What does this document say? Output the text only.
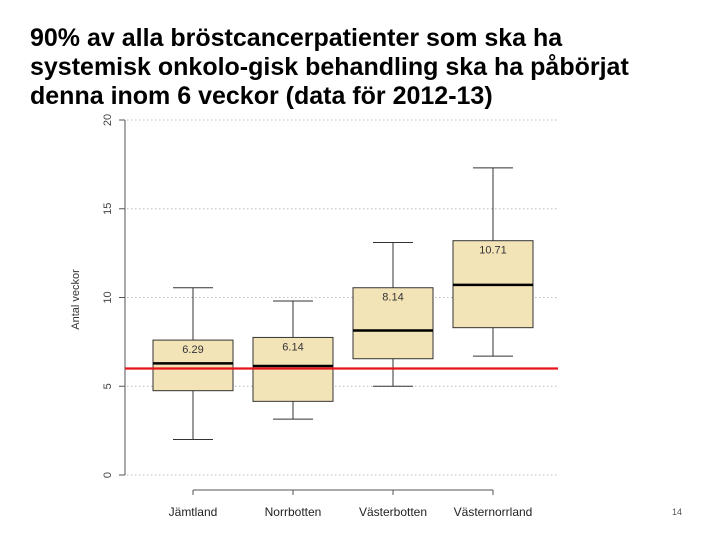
90% av alla bröstcancerpatienter som ska ha
systemisk onkolo-gisk behandling ska ha påbörjat
denna inom 6 veckor (data för 2012-13)
0
5
10
15
20
Antal veckor
6.29
Jämtland
6.14
Norrbotten
8.14
Västerbotten
10.71
Västernorrland	14
